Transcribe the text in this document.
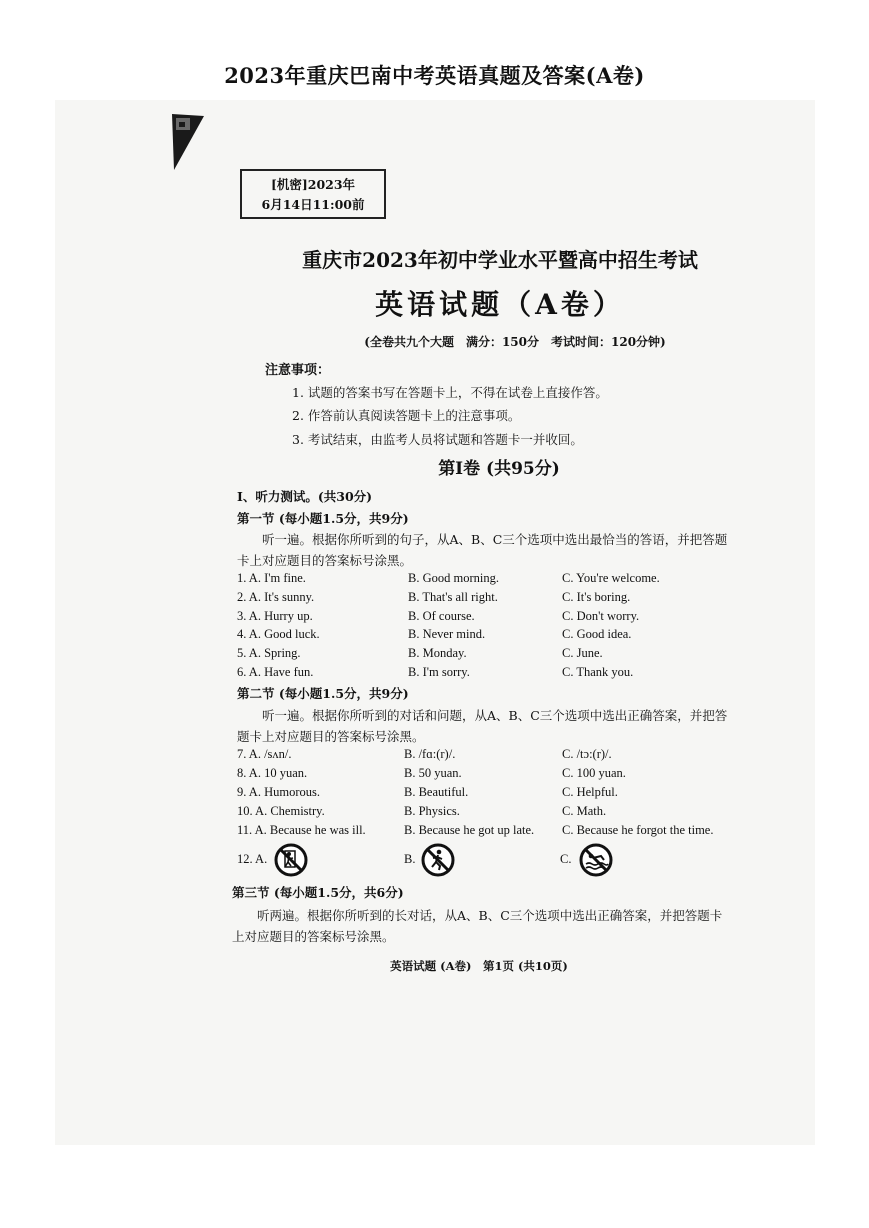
2023年重庆巴南中考英语真题及答案(A卷)
[机密]2023年
6月14日11:00前
重庆市2023年初中学业水平暨高中招生考试
英语试题（A卷）
(全卷共九个大题　满分：150分　考试时间：120分钟)
注意事项：
1. 试题的答案书写在答题卡上，不得在试卷上直接作答。
2. 作答前认真阅读答题卡上的注意事项。
3. 考试结束，由监考人员将试题和答题卡一并收回。
第Ⅰ卷 (共95分)
I、听力测试。(共30分)
第一节 (每小题1.5分，共9分)
听一遍。根据你所听到的句子，从A、B、C三个选项中选出最恰当的答语，并把答题
卡上对应题目的答案标号涂黑。
1. A. I'm fine.	B. Good morning.	C. You're welcome.
2. A. It's sunny.	B. That's all right.	C. It's boring.
3. A. Hurry up.	B. Of course.	C. Don't worry.
4. A. Good luck.	B. Never mind.	C. Good idea.
5. A. Spring.	B. Monday.	C. June.
6. A. Have fun.	B. I'm sorry.	C. Thank you.
第二节 (每小题1.5分，共9分)
听一遍。根据你所听到的对话和问题，从A、B、C三个选项中选出正确答案，并把答
题卡上对应题目的答案标号涂黑。
7. A. /sʌn/.	B. /fɑ:(r)/.	C. /tɔ:(r)/.
8. A. 10 yuan.	B. 50 yuan.	C. 100 yuan.
9. A. Humorous.	B. Beautiful.	C. Helpful.
10. A. Chemistry.	B. Physics.	C. Math.
11. A. Because he was ill.	B. Because he got up late. C. Because he forgot the time.
12. A.	B.	C.
第三节 (每小题1.5分，共6分)
听两遍。根据你所听到的长对话，从A、B、C三个选项中选出正确答案，并把答题卡
上对应题目的答案标号涂黑。
英语试题 (A卷)　第1页 (共10页)
